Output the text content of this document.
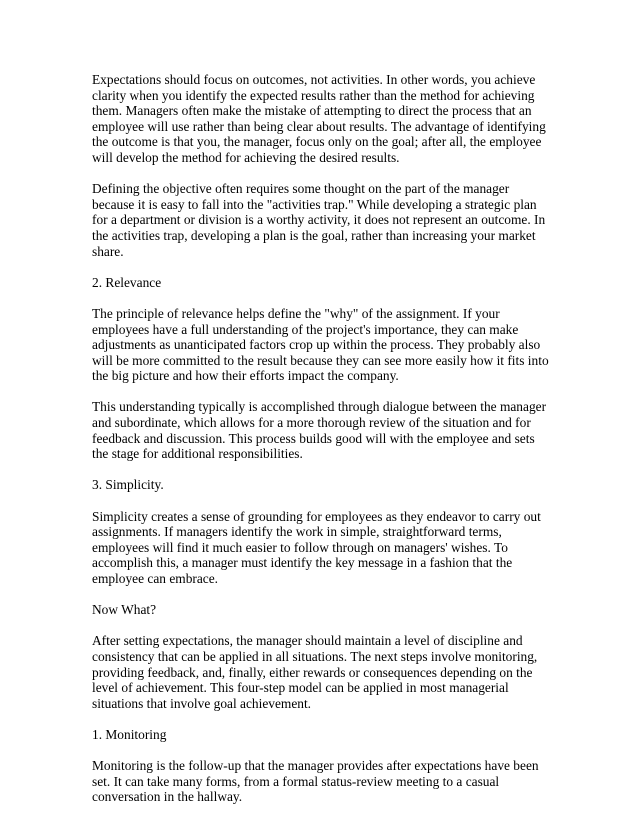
Expectations should focus on outcomes, not activities. In other words, you achieve clarity when you identify the expected results rather than the method for achieving them. Managers often make the mistake of attempting to direct the process that an employee will use rather than being clear about results. The advantage of identifying the outcome is that you, the manager, focus only on the goal; after all, the employee will develop the method for achieving the desired results.

Defining the objective often requires some thought on the part of the manager because it is easy to fall into the "activities trap." While developing a strategic plan for a department or division is a worthy activity, it does not represent an outcome. In the activities trap, developing a plan is the goal, rather than increasing your market share.

2. Relevance

The principle of relevance helps define the "why" of the assignment. If your employees have a full understanding of the project's importance, they can make adjustments as unanticipated factors crop up within the process. They probably also will be more committed to the result because they can see more easily how it fits into the big picture and how their efforts impact the company.

This understanding typically is accomplished through dialogue between the manager and subordinate, which allows for a more thorough review of the situation and for feedback and discussion. This process builds good will with the employee and sets the stage for additional responsibilities.

3. Simplicity.

Simplicity creates a sense of grounding for employees as they endeavor to carry out assignments. If managers identify the work in simple, straightforward terms, employees will find it much easier to follow through on managers' wishes. To accomplish this, a manager must identify the key message in a fashion that the employee can embrace.

Now What?

After setting expectations, the manager should maintain a level of discipline and consistency that can be applied in all situations. The next steps involve monitoring, providing feedback, and, finally, either rewards or consequences depending on the level of achievement. This four-step model can be applied in most managerial situations that involve goal achievement.

1. Monitoring

Monitoring is the follow-up that the manager provides after expectations have been set. It can take many forms, from a formal status-review meeting to a casual conversation in the hallway.
